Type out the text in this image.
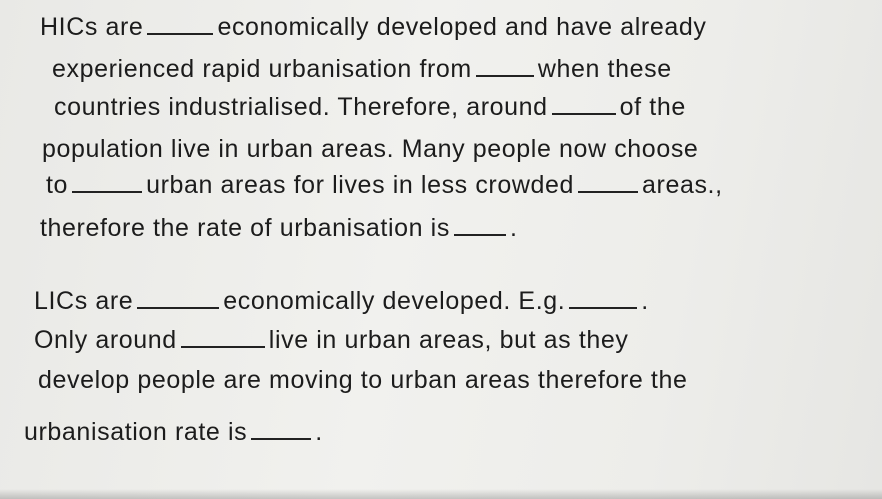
HICs are	economically developed and have already
experienced rapid urbanisation from	when these
countries industrialised. Therefore, around	of the
population live in urban areas. Many people now choose
to	urban areas for lives in less crowded	areas.,
therefore the rate of urbanisation is .
LICs are	economically developed. E.g.	.
Only around	live in urban areas, but as they
develop people are moving to urban areas therefore the
urbanisation rate is	.
